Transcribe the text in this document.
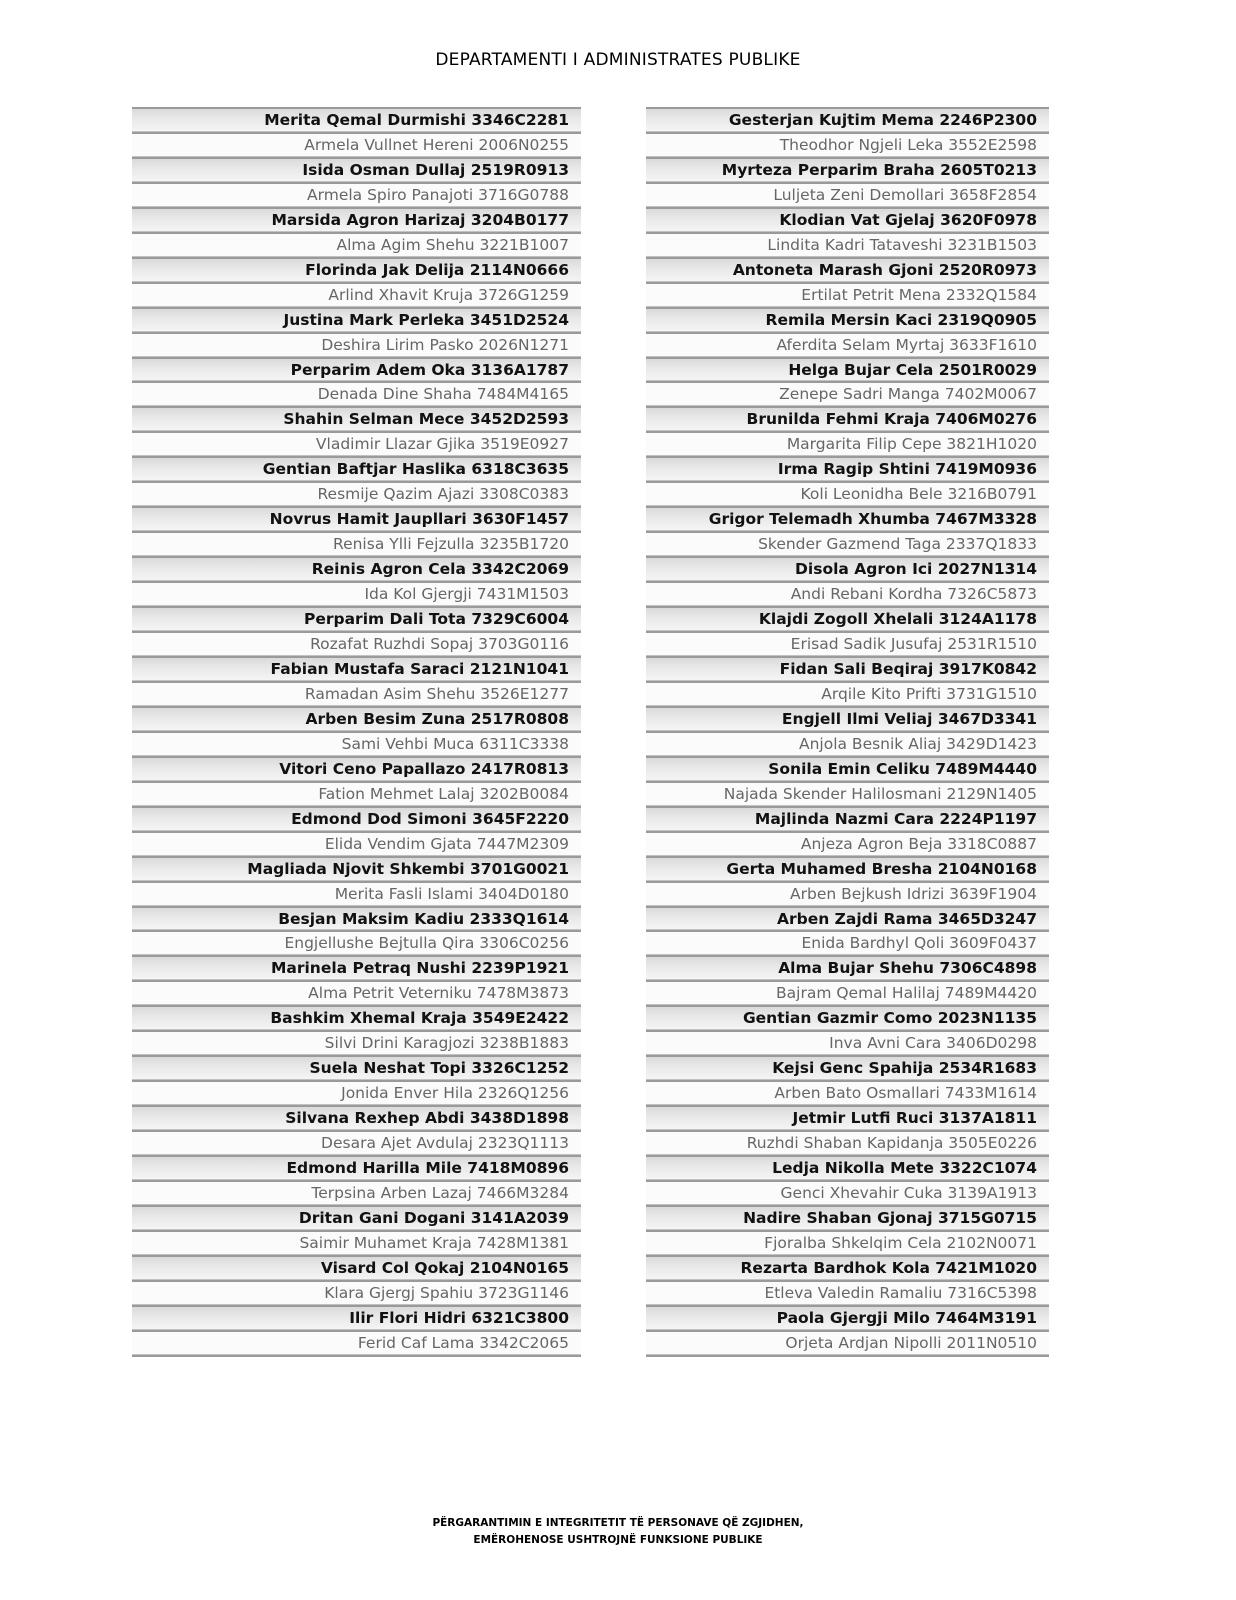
DEPARTAMENTI I ADMINISTRATES PUBLIKE
Merita Qemal Durmishi 3346C2281
Armela Vullnet Hereni 2006N0255
Isida Osman Dullaj 2519R0913
Armela Spiro Panajoti 3716G0788
Marsida Agron Harizaj 3204B0177
Alma Agim Shehu 3221B1007
Florinda Jak Delija 2114N0666
Arlind Xhavit Kruja 3726G1259
Justina Mark Perleka 3451D2524
Deshira Lirim Pasko 2026N1271
Perparim Adem Oka 3136A1787
Denada Dine Shaha 7484M4165
Shahin Selman Mece 3452D2593
Vladimir Llazar Gjika 3519E0927
Gentian Baftjar Haslika 6318C3635
Resmije Qazim Ajazi 3308C0383
Novrus Hamit Jaupllari 3630F1457
Renisa Ylli Fejzulla 3235B1720
Reinis Agron Cela 3342C2069
Ida Kol Gjergji 7431M1503
Perparim Dali Tota 7329C6004
Rozafat Ruzhdi Sopaj 3703G0116
Fabian Mustafa Saraci 2121N1041
Ramadan Asim Shehu 3526E1277
Arben Besim Zuna 2517R0808
Sami Vehbi Muca 6311C3338
Vitori Ceno Papallazo 2417R0813
Fation Mehmet Lalaj 3202B0084
Edmond Dod Simoni 3645F2220
Elida Vendim Gjata 7447M2309
Magliada Njovit Shkembi 3701G0021
Merita Fasli Islami 3404D0180
Besjan Maksim Kadiu 2333Q1614
Engjellushe Bejtulla Qira 3306C0256
Marinela Petraq Nushi 2239P1921
Alma Petrit Veterniku 7478M3873
Bashkim Xhemal Kraja 3549E2422
Silvi Drini Karagjozi 3238B1883
Suela Neshat Topi 3326C1252
Jonida Enver Hila 2326Q1256
Silvana Rexhep Abdi 3438D1898
Desara Ajet Avdulaj 2323Q1113
Edmond Harilla Mile 7418M0896
Terpsina Arben Lazaj 7466M3284
Dritan Gani Dogani 3141A2039
Saimir Muhamet Kraja 7428M1381
Visard Col Qokaj 2104N0165
Klara Gjergj Spahiu 3723G1146
Ilir Flori Hidri 6321C3800
Ferid Caf Lama 3342C2065
Gesterjan Kujtim Mema 2246P2300
Theodhor Ngjeli Leka 3552E2598
Myrteza Perparim Braha 2605T0213
Luljeta Zeni Demollari 3658F2854
Klodian Vat Gjelaj 3620F0978
Lindita Kadri Tataveshi 3231B1503
Antoneta Marash Gjoni 2520R0973
Ertilat Petrit Mena 2332Q1584
Remila Mersin Kaci 2319Q0905
Aferdita Selam Myrtaj 3633F1610
Helga Bujar Cela 2501R0029
Zenepe Sadri Manga 7402M0067
Brunilda Fehmi Kraja 7406M0276
Margarita Filip Cepe 3821H1020
Irma Ragip Shtini 7419M0936
Koli Leonidha Bele 3216B0791
Grigor Telemadh Xhumba 7467M3328
Skender Gazmend Taga 2337Q1833
Disola Agron Ici 2027N1314
Andi Rebani Kordha 7326C5873
Klajdi Zogoll Xhelali 3124A1178
Erisad Sadik Jusufaj 2531R1510
Fidan Sali Beqiraj 3917K0842
Arqile Kito Prifti 3731G1510
Engjell Ilmi Veliaj 3467D3341
Anjola Besnik Aliaj 3429D1423
Sonila Emin Celiku 7489M4440
Najada Skender Halilosmani 2129N1405
Majlinda Nazmi Cara 2224P1197
Anjeza Agron Beja 3318C0887
Gerta Muhamed Bresha 2104N0168
Arben Bejkush Idrizi 3639F1904
Arben Zajdi Rama 3465D3247
Enida Bardhyl Qoli 3609F0437
Alma Bujar Shehu 7306C4898
Bajram Qemal Halilaj 7489M4420
Gentian Gazmir Como 2023N1135
Inva Avni Cara 3406D0298
Kejsi Genc Spahija 2534R1683
Arben Bato Osmallari 7433M1614
Jetmir Lutfi Ruci 3137A1811
Ruzhdi Shaban Kapidanja 3505E0226
Ledja Nikolla Mete 3322C1074
Genci Xhevahir Cuka 3139A1913
Nadire Shaban Gjonaj 3715G0715
Fjoralba Shkelqim Cela 2102N0071
Rezarta Bardhok Kola 7421M1020
Etleva Valedin Ramaliu 7316C5398
Paola Gjergji Milo 7464M3191
Orjeta Ardjan Nipolli 2011N0510
PËRGARANTIMIN E INTEGRITETIT TË PERSONAVE QË ZGJIDHEN,
EMËROHENOSE USHTROJNË FUNKSIONE PUBLIKE
